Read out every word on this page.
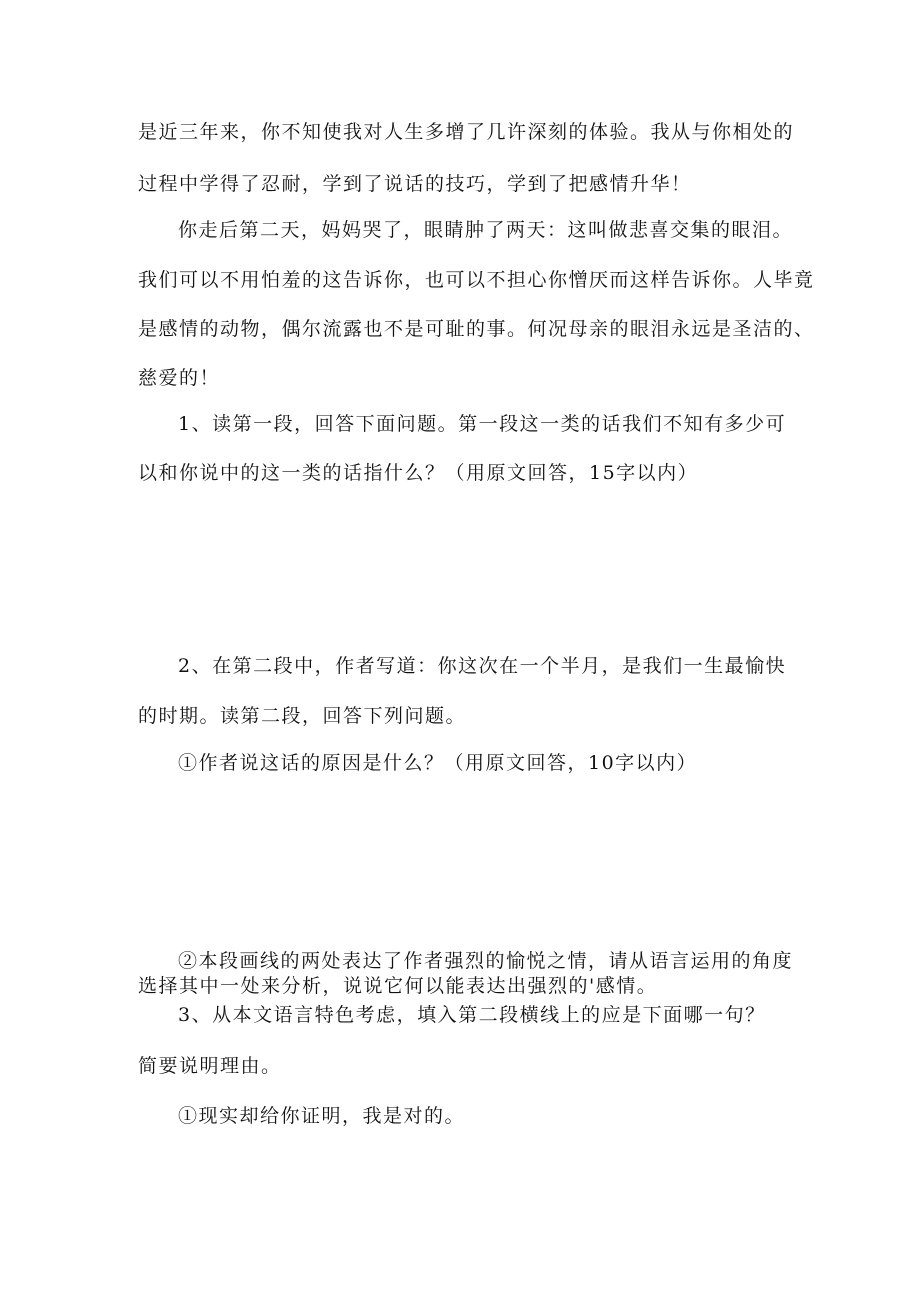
是近三年来，你不知使我对人生多增了几许深刻的体验。我从与你相处的
过程中学得了忍耐，学到了说话的技巧，学到了把感情升华！
你走后第二天，妈妈哭了，眼睛肿了两天：这叫做悲喜交集的眼泪。
我们可以不用怕羞的这告诉你，也可以不担心你憎厌而这样告诉你。人毕竟
是感情的动物，偶尔流露也不是可耻的事。何况母亲的眼泪永远是圣洁的、
慈爱的！
1、读第一段，回答下面问题。第一段这一类的话我们不知有多少可
以和你说中的这一类的话指什么？（用原文回答，15字以内）
2、在第二段中，作者写道：你这次在一个半月，是我们一生最愉快
的时期。读第二段，回答下列问题。
①作者说这话的原因是什么？（用原文回答，10字以内）
②本段画线的两处表达了作者强烈的愉悦之情，请从语言运用的角度
选择其中一处来分析，说说它何以能表达出强烈的'感情。
3、从本文语言特色考虑，填入第二段横线上的应是下面哪一句？
简要说明理由。
①现实却给你证明，我是对的。
